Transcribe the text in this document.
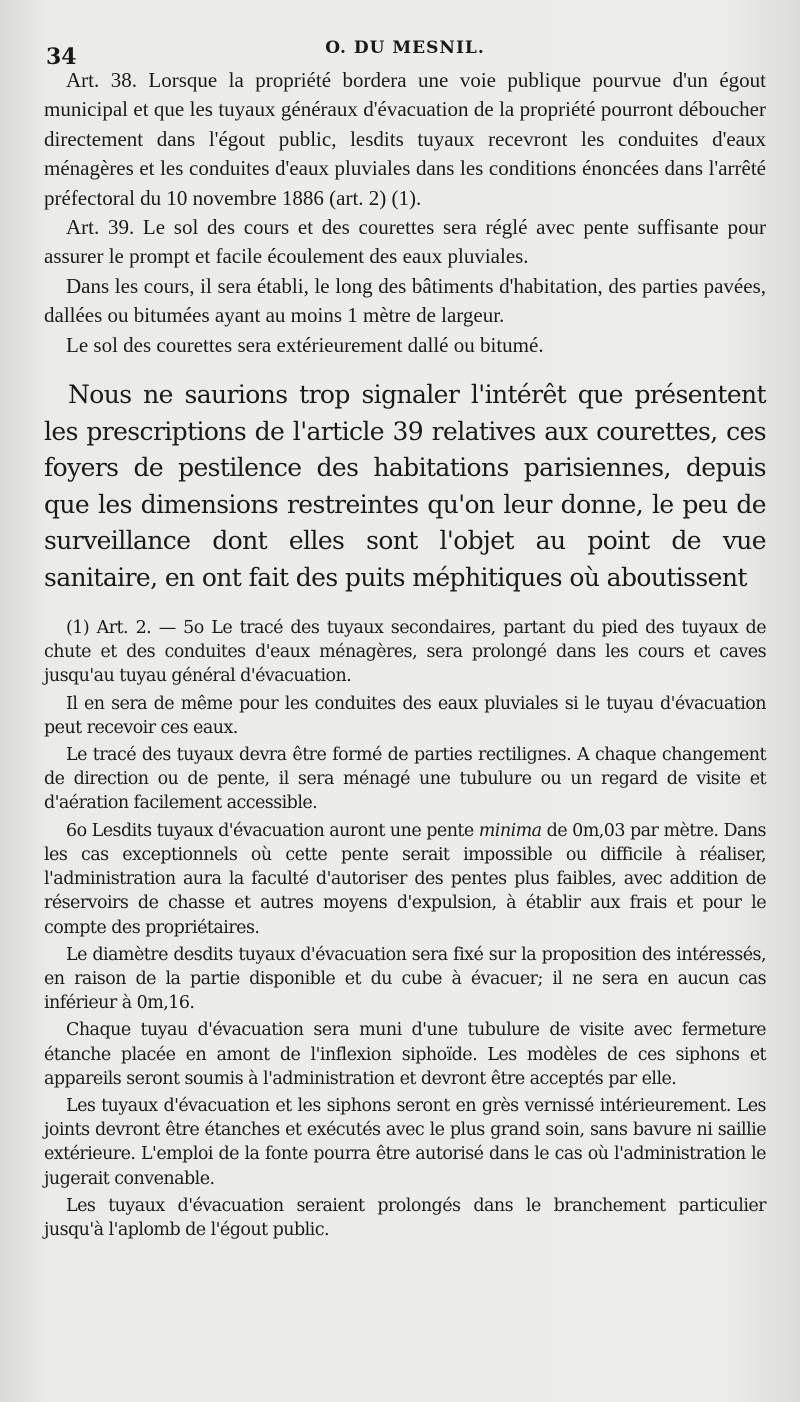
34	O. DU MESNIL.

Art. 38. Lorsque la propriété bordera une voie publique pourvue d'un égout municipal et que les tuyaux généraux d'évacuation de la propriété pourront déboucher directement dans l'égout public, lesdits tuyaux recevront les conduites d'eaux ménagères et les conduites d'eaux pluviales dans les conditions énoncées dans l'arrêté préfectoral du 10 novembre 1886 (art. 2) (1).

Art. 39. Le sol des cours et des courettes sera réglé avec pente suffisante pour assurer le prompt et facile écoulement des eaux pluviales.

Dans les cours, il sera établi, le long des bâtiments d'habitation, des parties pavées, dallées ou bitumées ayant au moins 1 mètre de largeur.

Le sol des courettes sera extérieurement dallé ou bitumé.

Nous ne saurions trop signaler l'intérêt que présentent les prescriptions de l'article 39 relatives aux courettes, ces foyers de pestilence des habitations parisiennes, depuis que les dimensions restreintes qu'on leur donne, le peu de surveillance dont elles sont l'objet au point de vue sanitaire, en ont fait des puits méphitiques où aboutissent

(1) Art. 2. — 5o Le tracé des tuyaux secondaires, partant du pied des tuyaux de chute et des conduites d'eaux ménagères, sera prolongé dans les cours et caves jusqu'au tuyau général d'évacuation.

Il en sera de même pour les conduites des eaux pluviales si le tuyau d'évacuation peut recevoir ces eaux.

Le tracé des tuyaux devra être formé de parties rectilignes. A chaque changement de direction ou de pente, il sera ménagé une tubulure ou un regard de visite et d'aération facilement accessible.

6o Lesdits tuyaux d'évacuation auront une pente minima de 0m,03 par mètre. Dans les cas exceptionnels où cette pente serait impossible ou difficile à réaliser, l'administration aura la faculté d'autoriser des pentes plus faibles, avec addition de réservoirs de chasse et autres moyens d'expulsion, à établir aux frais et pour le compte des propriétaires.

Le diamètre desdits tuyaux d'évacuation sera fixé sur la proposition des intéressés, en raison de la partie disponible et du cube à évacuer; il ne sera en aucun cas inférieur à 0m,16.

Chaque tuyau d'évacuation sera muni d'une tubulure de visite avec fermeture étanche placée en amont de l'inflexion siphoïde. Les modèles de ces siphons et appareils seront soumis à l'administration et devront être acceptés par elle.

Les tuyaux d'évacuation et les siphons seront en grès vernissé intérieurement. Les joints devront être étanches et exécutés avec le plus grand soin, sans bavure ni saillie extérieure. L'emploi de la fonte pourra être autorisé dans le cas où l'administration le jugerait convenable.

Les tuyaux d'évacuation seraient prolongés dans le branchement particulier jusqu'à l'aplomb de l'égout public.
